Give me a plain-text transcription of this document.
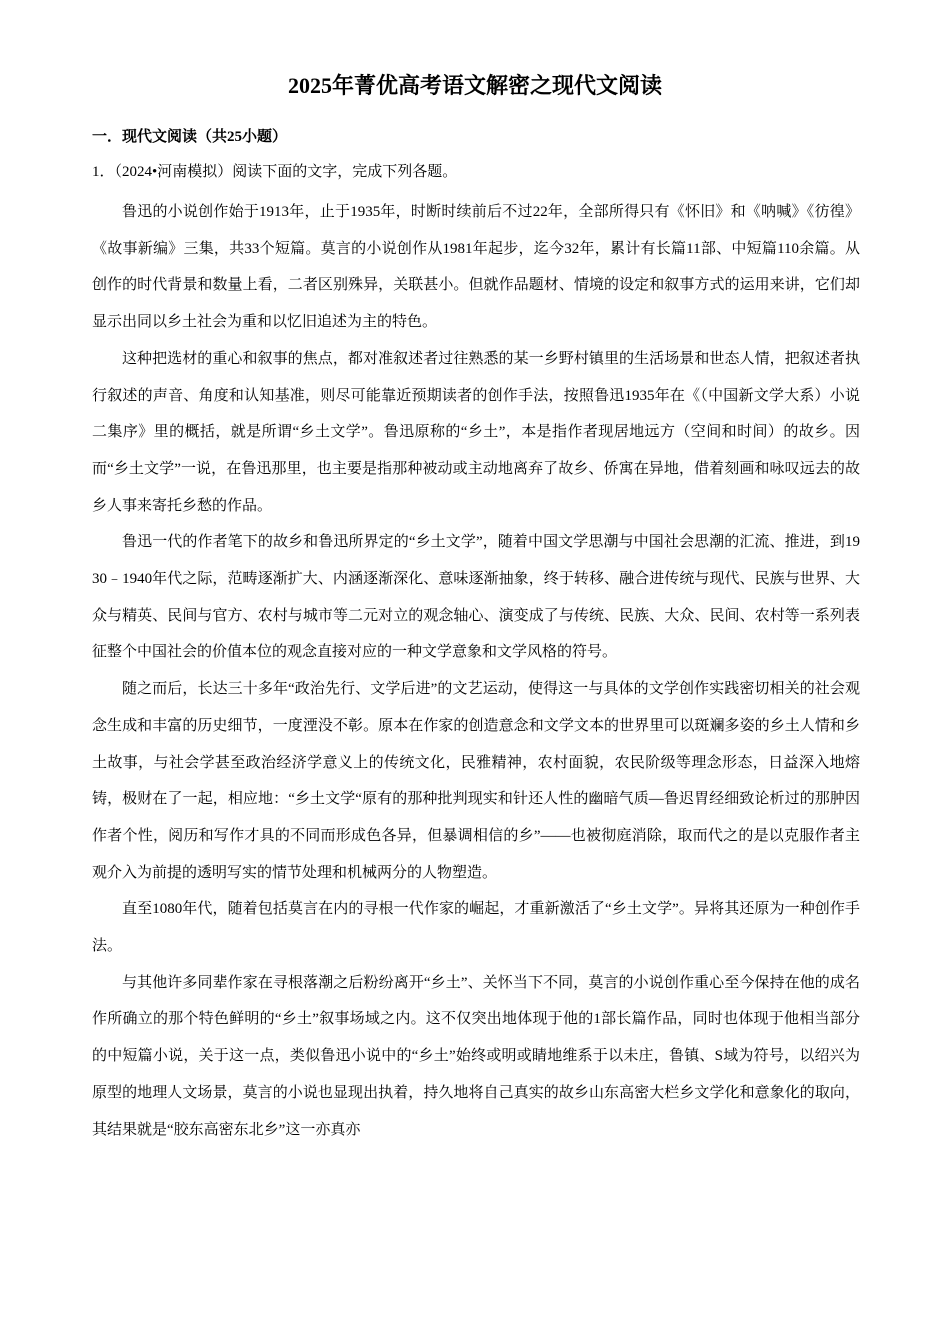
2025年菁优高考语文解密之现代文阅读
一．现代文阅读（共25小题）
1．（2024•河南模拟）阅读下面的文字，完成下列各题。

鲁迅的小说创作始于1913年，止于1935年，时断时续前后不过22年，全部所得只有《怀旧》和《呐喊》《彷徨》《故事新编》三集，共33个短篇。莫言的小说创作从1981年起步，迄今32年，累计有长篇11部、中短篇110余篇。从创作的时代背景和数量上看，二者区别殊异，关联甚小。但就作品题材、情境的设定和叙事方式的运用来讲，它们却显示出同以乡土社会为重和以忆旧追述为主的特色。

这种把选材的重心和叙事的焦点，都对准叙述者过往熟悉的某一乡野村镇里的生活场景和世态人情，把叙述者执行叙述的声音、角度和认知基准，则尽可能靠近预期读者的创作手法，按照鲁迅1935年在《（中国新文学大系）小说二集序》里的概括，就是所谓“乡土文学”。鲁迅原称的“乡土”，本是指作者现居地远方（空间和时间）的故乡。因而“乡土文学”一说，在鲁迅那里，也主要是指那种被动或主动地离弃了故乡、侨寓在异地，借着刻画和咏叹远去的故乡人事来寄托乡愁的作品。

鲁迅一代的作者笔下的故乡和鲁迅所界定的“乡土文学”，随着中国文学思潮与中国社会思潮的汇流、推进，到1930﹣1940年代之际，范畴逐渐扩大、内涵逐渐深化、意味逐渐抽象，终于转移、融合进传统与现代、民族与世界、大众与精英、民间与官方、农村与城市等二元对立的观念轴心、演变成了与传统、民族、大众、民间、农村等一系列表征整个中国社会的价值本位的观念直接对应的一种文学意象和文学风格的符号。

随之而后，长达三十多年“政治先行、文学后进”的文艺运动，使得这一与具体的文学创作实践密切相关的社会观念生成和丰富的历史细节，一度湮没不彰。原本在作家的创造意念和文学文本的世界里可以斑斓多姿的乡土人情和乡土故事，与社会学甚至政治经济学意义上的传统文化，民雅精神，农村面貌，农民阶级等理念形态，日益深入地熔铸，极财在了一起，相应地：“乡土文学“原有的那种批判现实和针还人性的幽暗气质—鲁迟胃经细致论析过的那肿因作者个性，阅历和写作才具的不同而形成色各异，但暴调相信的乡”——也被彻庭消除，取而代之的是以克服作者主观介入为前提的透明写实的情节处理和机械两分的人物塑造。

直至1080年代，随着包括莫言在内的寻根一代作家的崛起，才重新激活了“乡土文学”。异将其还原为一种创作手法。

与其他许多同辈作家在寻根落潮之后粉纷离开“乡土”、关怀当下不同，莫言的小说创作重心至今保持在他的成名作所确立的那个特色鲜明的“乡土”叙事场域之内。这不仅突出地体现于他的1部长篇作品，同时也体现于他相当部分的中短篇小说，关于这一点，类似鲁迅小说中的“乡土”始终或明或睛地维系于以未庄，鲁镇、S域为符号，以绍兴为原型的地理人文场景，莫言的小说也显现出执着，持久地将自己真实的故乡山东高密大栏乡文学化和意象化的取向，其结果就是“胶东高密东北乡”这一亦真亦
